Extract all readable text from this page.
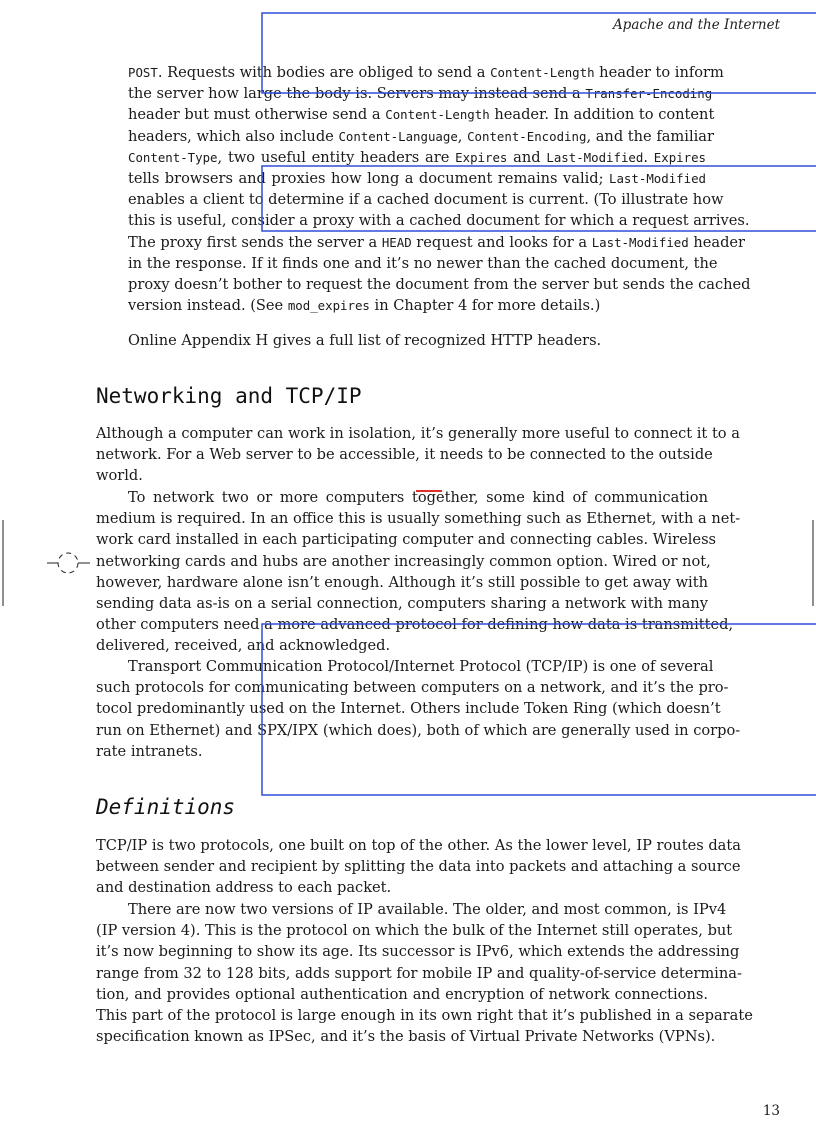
Apache and the Internet
POST. Requests with bodies are obliged to send a Content-Length header to inform
the server how large the body is. Servers may instead send a Transfer-Encoding
header but must otherwise send a Content-Length header. In addition to content
headers, which also include Content-Language, Content-Encoding, and the familiar
Content-Type, two useful entity headers are Expires and Last-Modified. Expires
tells browsers and proxies how long a document remains valid; Last-Modified
enables a client to determine if a cached document is current. (To illustrate how
this is useful, consider a proxy with a cached document for which a request arrives.
The proxy first sends the server a HEAD request and looks for a Last-Modified header
in the response. If it finds one and it’s no newer than the cached document, the
proxy doesn’t bother to request the document from the server but sends the cached
version instead. (See mod_expires in Chapter 4 for more details.)
Online Appendix H gives a full list of recognized HTTP headers.
Networking and TCP/IP
Although a computer can work in isolation, it’s generally more useful to connect it to a
network. For a Web server to be accessible, it needs to be connected to the outside
world.
To network two or more computers together, some kind of communication
medium is required. In an office this is usually something such as Ethernet, with a net-
work card installed in each participating computer and connecting cables. Wireless
networking cards and hubs are another increasingly common option. Wired or not,
however, hardware alone isn’t enough. Although it’s still possible to get away with
sending data as-is on a serial connection, computers sharing a network with many
other computers need a more advanced protocol for defining how data is transmitted,
delivered, received, and acknowledged.
Transport Communication Protocol/Internet Protocol (TCP/IP) is one of several
such protocols for communicating between computers on a network, and it’s the pro-
tocol predominantly used on the Internet. Others include Token Ring (which doesn’t
run on Ethernet) and SPX/IPX (which does), both of which are generally used in corpo-
rate intranets.
Definitions
TCP/IP is two protocols, one built on top of the other. As the lower level, IP routes data
between sender and recipient by splitting the data into packets and attaching a source
and destination address to each packet.
There are now two versions of IP available. The older, and most common, is IPv4
(IP version 4). This is the protocol on which the bulk of the Internet still operates, but
it’s now beginning to show its age. Its successor is IPv6, which extends the addressing
range from 32 to 128 bits, adds support for mobile IP and quality-of-service determina-
tion, and provides optional authentication and encryption of network connections.
This part of the protocol is large enough in its own right that it’s published in a separate
specification known as IPSec, and it’s the basis of Virtual Private Networks (VPNs).
13
